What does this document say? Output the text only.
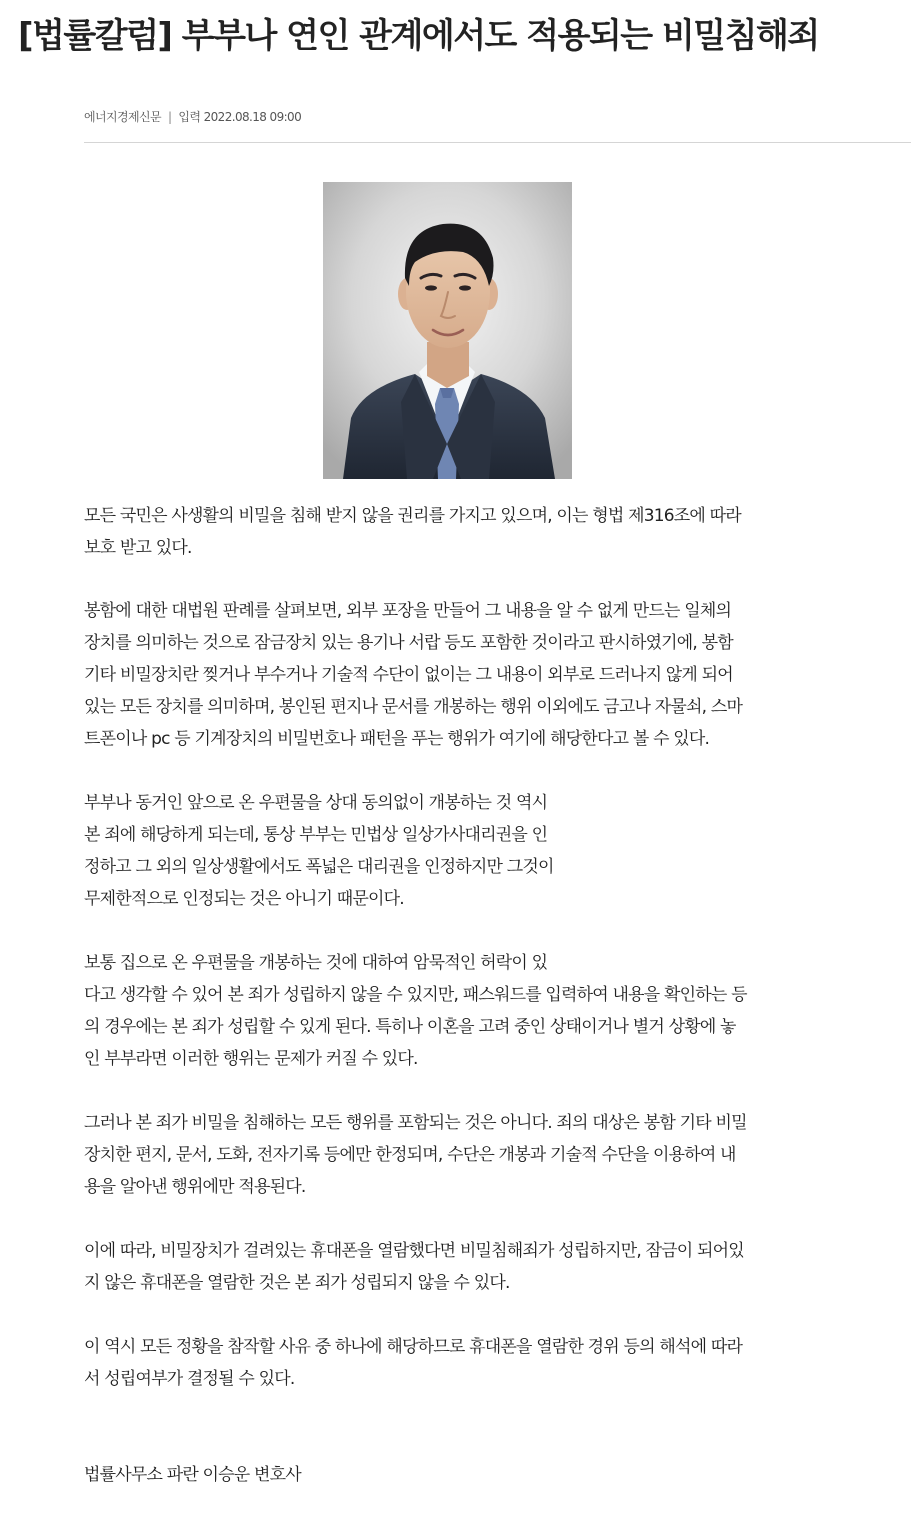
[법률칼럼] 부부나 연인 관계에서도 적용되는 비밀침해죄
에너지경제신문 | 입력 2022.08.18 09:00

모든 국민은 사생활의 비밀을 침해 받지 않을 권리를 가지고 있으며, 이는 형법 제316조에 따라
보호 받고 있다.

봉함에 대한 대법원 판례를 살펴보면, 외부 포장을 만들어 그 내용을 알 수 없게 만드는 일체의
장치를 의미하는 것으로 잠금장치 있는 용기나 서랍 등도 포함한 것이라고 판시하였기에, 봉함
기타 비밀장치란 찢거나 부수거나 기술적 수단이 없이는 그 내용이 외부로 드러나지 않게 되어
있는 모든 장치를 의미하며, 봉인된 편지나 문서를 개봉하는 행위 이외에도 금고나 자물쇠, 스마
트폰이나 pc 등 기계장치의 비밀번호나 패턴을 푸는 행위가 여기에 해당한다고 볼 수 있다.

부부나 동거인 앞으로 온 우편물을 상대 동의없이 개봉하는 것 역시
본 죄에 해당하게 되는데, 통상 부부는 민법상 일상가사대리권을 인
정하고 그 외의 일상생활에서도 폭넓은 대리권을 인정하지만 그것이
무제한적으로 인정되는 것은 아니기 때문이다.

보통 집으로 온 우편물을 개봉하는 것에 대하여 암묵적인 허락이 있
다고 생각할 수 있어 본 죄가 성립하지 않을 수 있지만, 패스워드를 입력하여 내용을 확인하는 등
의 경우에는 본 죄가 성립할 수 있게 된다. 특히나 이혼을 고려 중인 상태이거나 별거 상황에 놓
인 부부라면 이러한 행위는 문제가 커질 수 있다.

그러나 본 죄가 비밀을 침해하는 모든 행위를 포함되는 것은 아니다. 죄의 대상은 봉함 기타 비밀
장치한 편지, 문서, 도화, 전자기록 등에만 한정되며, 수단은 개봉과 기술적 수단을 이용하여 내
용을 알아낸 행위에만 적용된다.

이에 따라, 비밀장치가 걸려있는 휴대폰을 열람했다면 비밀침해죄가 성립하지만, 잠금이 되어있
지 않은 휴대폰을 열람한 것은 본 죄가 성립되지 않을 수 있다.

이 역시 모든 정황을 참작할 사유 중 하나에 해당하므로 휴대폰을 열람한 경위 등의 해석에 따라
서 성립여부가 결정될 수 있다.

법률사무소 파란 이승운 변호사
